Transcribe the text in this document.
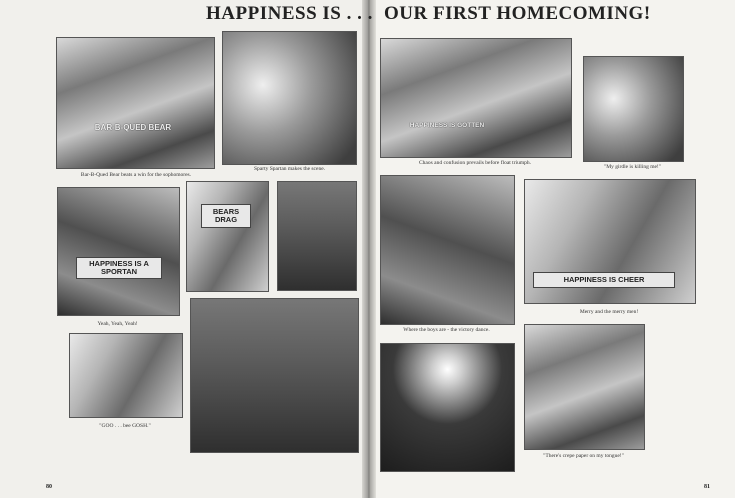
HAPPINESS IS . . . OUR FIRST HOMECOMING!
BAR-B-QUED BEAR
Bar-B-Qued Bear beats a win for the sophomores.
Sparty Spartan makes the scene.
HAPPINESS IS A SPORTAN
Yeah, Yeah, Yeah!
BEARS DRAG
"GOO . . . bee GOSH."
80
HAPPINESS IS GOTTEN
Chaos and confusion prevails before float triumph.
"My girdle is killing me!"
Where the boys are - the victory dance.
HAPPINESS IS CHEER
Merry and the merry men!
"There's crepe paper on my tongue!"
81
